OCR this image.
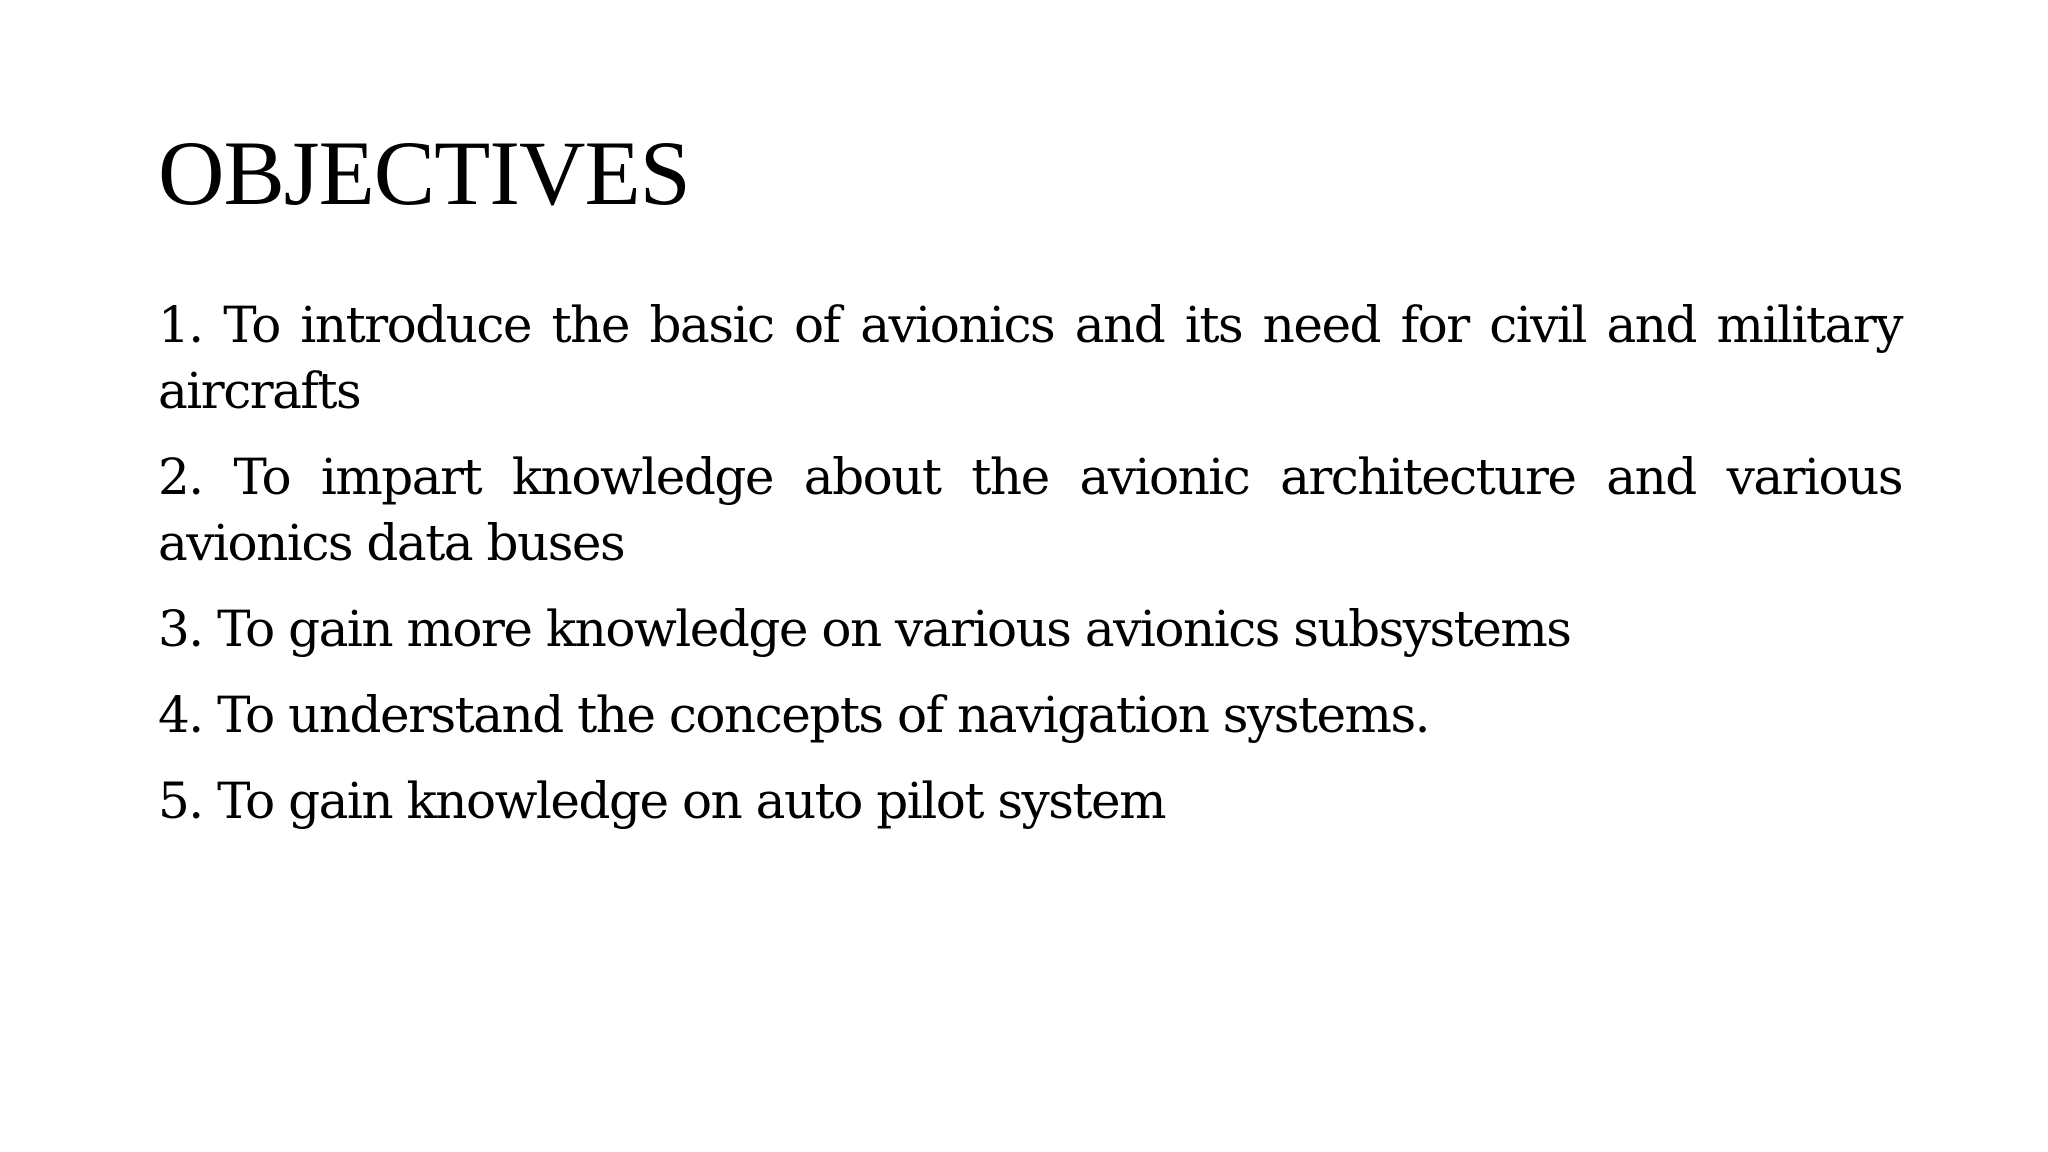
OBJECTIVES
1. To introduce the basic of avionics and its need for civil and military aircrafts
2. To impart knowledge about the avionic architecture and various avionics data buses
3. To gain more knowledge on various avionics subsystems
4. To understand the concepts of navigation systems.
5. To gain knowledge on auto pilot system
